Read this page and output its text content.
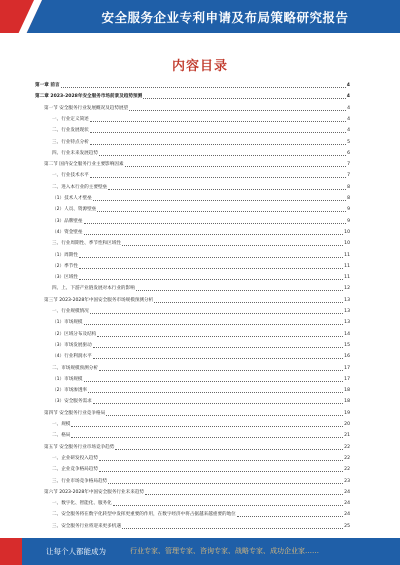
安全服务企业专利申请及布局策略研究报告
内容目录
第一章 前言	4
第二章 2023-2028年安全服务市场前景及趋势预测	4
第一节 安全服务行业发展概况及趋势展望	4
一、行业定义简述	4
二、行业发展现状	4
三、行业特点分析	5
四、行业未来发展趋势	6
第二节 国内安全服务行业主要影响因素	7
一、行业技术水平	7
二、进入本行业的主要壁垒	8
（1）技术人才壁垒	8
（2）人员、资源壁垒	9
（3）品牌壁垒	9
（4）资金壁垒	10
三、行业周期性、季节性和区域性	10
（1）周期性	11
（2）季节性	11
（3）区域性	11
四、上、下游产业链发展对本行业的影响	12
第三节 2023-2028年中国安全服务市场规模预测分析	13
一、行业规模情况	13
（1）市场规模	13
（2）区域分布及结构	14
（3）市场发展驱动	15
（4）行业利润水平	16
二、市场规模预测分析	17
（1）市场规模	17
（2）市场渗透率	18
（3）安全服务需求	18
第四节 安全服务行业竞争格局	19
一、规模	20
二、格局	21
第五节 安全服务行业市场竞争趋势	22
一、企业研发投入趋势	22
二、企业竞争格局趋势	22
三、行业市场竞争格局趋势	23
第六节 2023-2028年中国安全服务行业未来趋势	24
一、数字化、智能化、服务化	24
二、安全服务将在数字化转型中发挥更重要的作用，在数字经济中将占据越来越重要的地位	24
三、安全服务行业将迎来更多机遇	25
让每个人都能成为	行业专家、管理专家、咨询专家、战略专家、成功企业家……
